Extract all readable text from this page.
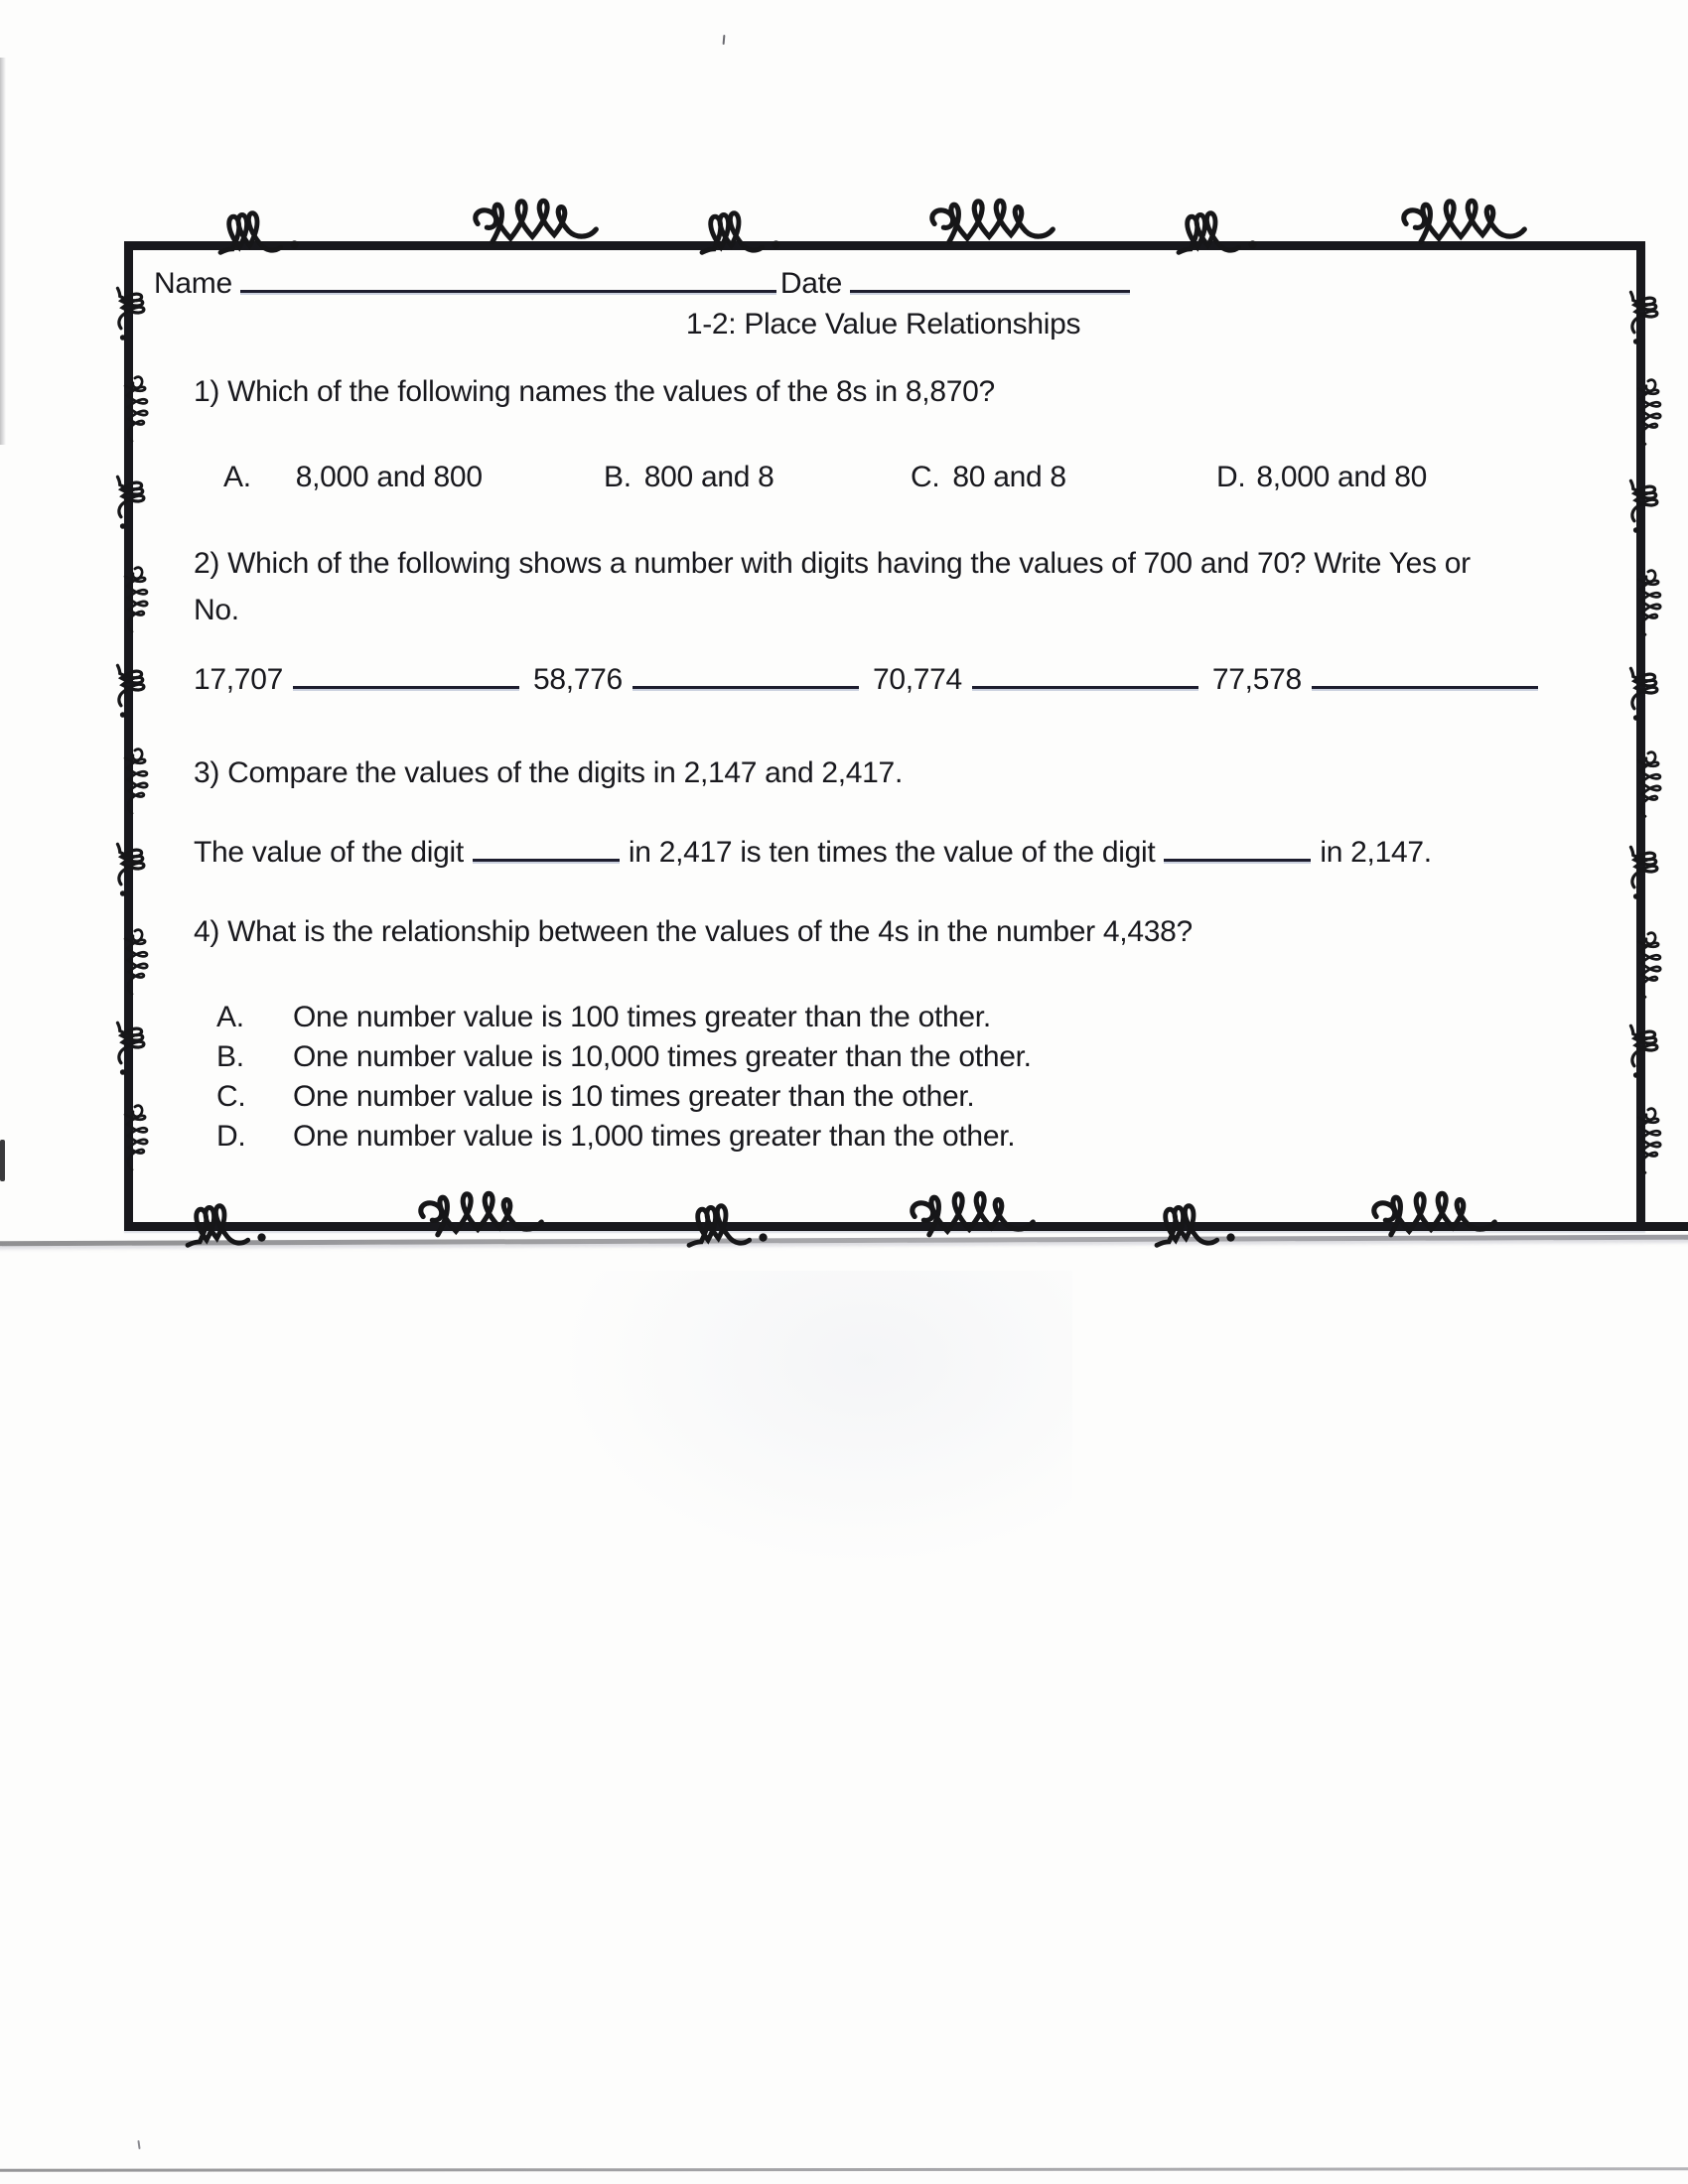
Name	Date
1-2: Place Value Relationships
1) Which of the following names the values of the 8s in 8,870?
A. 8,000 and 800	B. 800 and 8	C. 80 and 8	D. 8,000 and 80
2) Which of the following shows a number with digits having the values of 700 and 70? Write Yes or
No.
17,707	58,776	70,774	77,578
3) Compare the values of the digits in 2,147 and 2,417.
The value of the digit	in 2,417 is ten times the value of the digit	in 2,147.
4) What is the relationship between the values of the 4s in the number 4,438?
A.	One number value is 100 times greater than the other.
B.	One number value is 10,000 times greater than the other.
C.	One number value is 10 times greater than the other.
D.	One number value is 1,000 times greater than the other.
